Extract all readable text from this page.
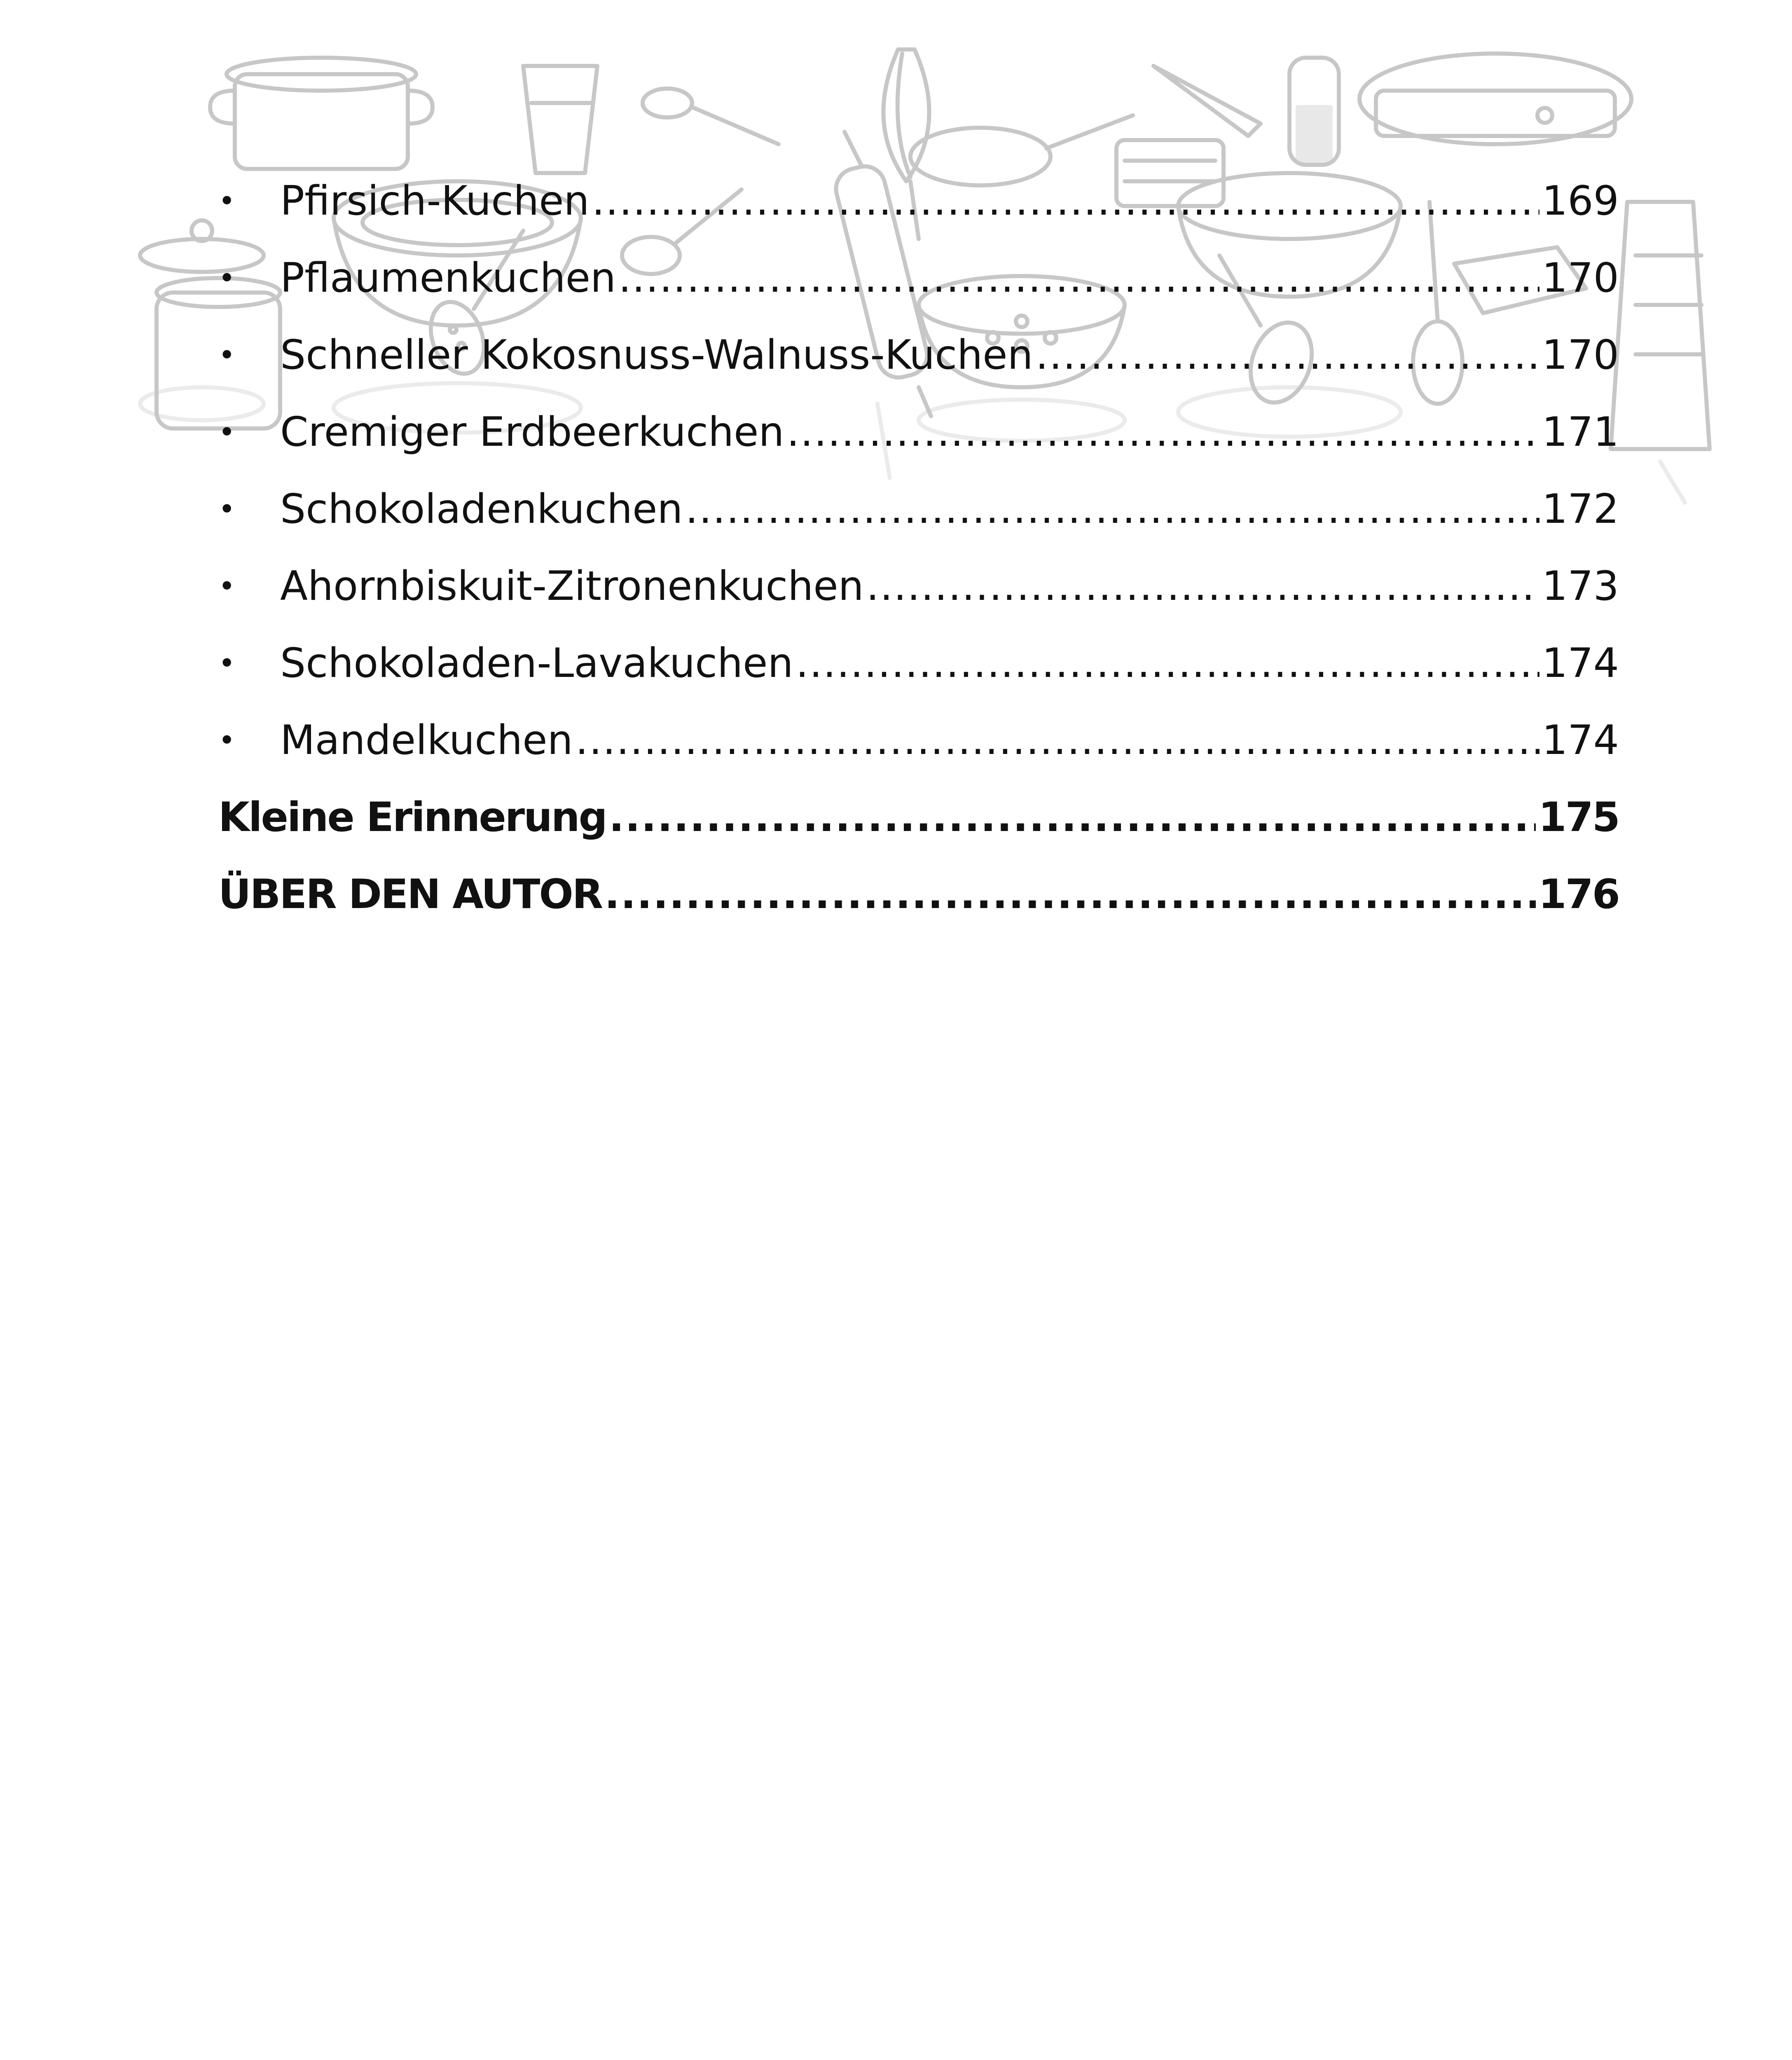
•	Pfirsich-Kuchen .....	169
•	Pflaumenkuchen .....	170
•	Schneller Kokosnuss-Walnuss-Kuchen .....	170
•	Cremiger Erdbeerkuchen .....	171
•	Schokoladenkuchen .....	172
•	Ahornbiskuit-Zitronenkuchen .....	173
•	Schokoladen-Lavakuchen .....	174
•	Mandelkuchen .....	174
Kleine Erinnerung .....	175
ÜBER DEN AUTOR .....	176
